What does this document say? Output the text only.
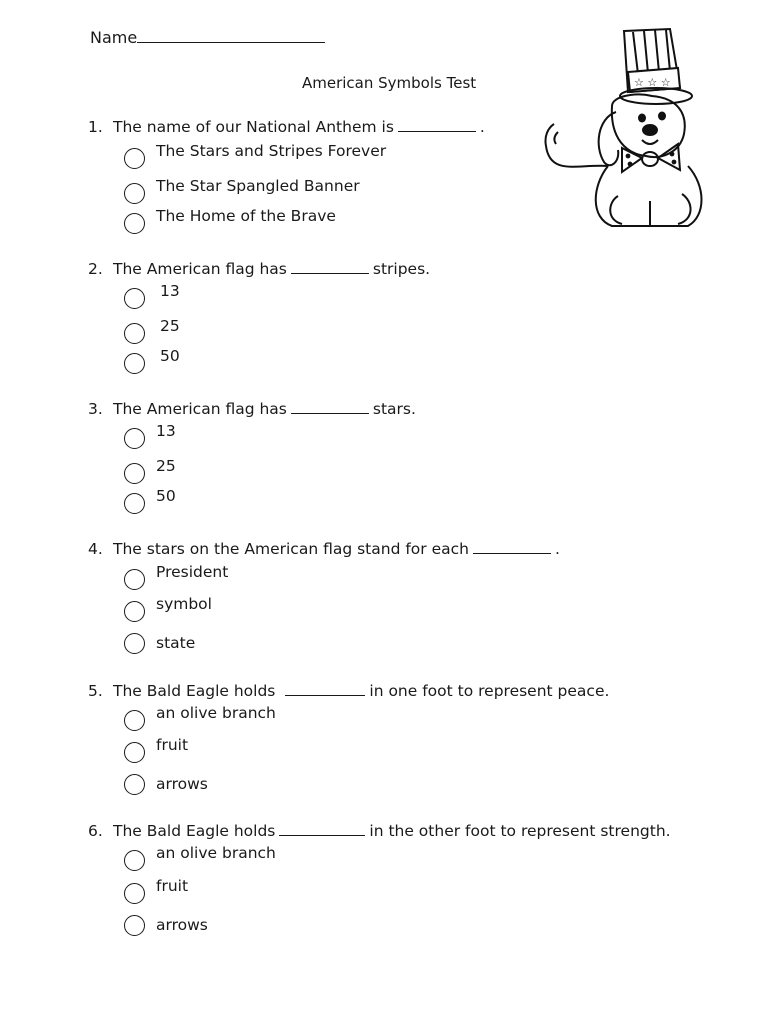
Name
American Symbols Test	☆ ☆ ☆
1. The name of our National Anthem is	.
The Stars and Stripes Forever
The Star Spangled Banner
The Home of the Brave
2. The American flag has	stripes.
13
25
50
3. The American flag has	stars.
13
25
50
4. The stars on the American flag stand for each	.
President
symbol
state
5. The Bald Eagle holds	in one foot to represent peace.
an olive branch
fruit
arrows
6. The Bald Eagle holds	in the other foot to represent strength.
an olive branch
fruit
arrows
